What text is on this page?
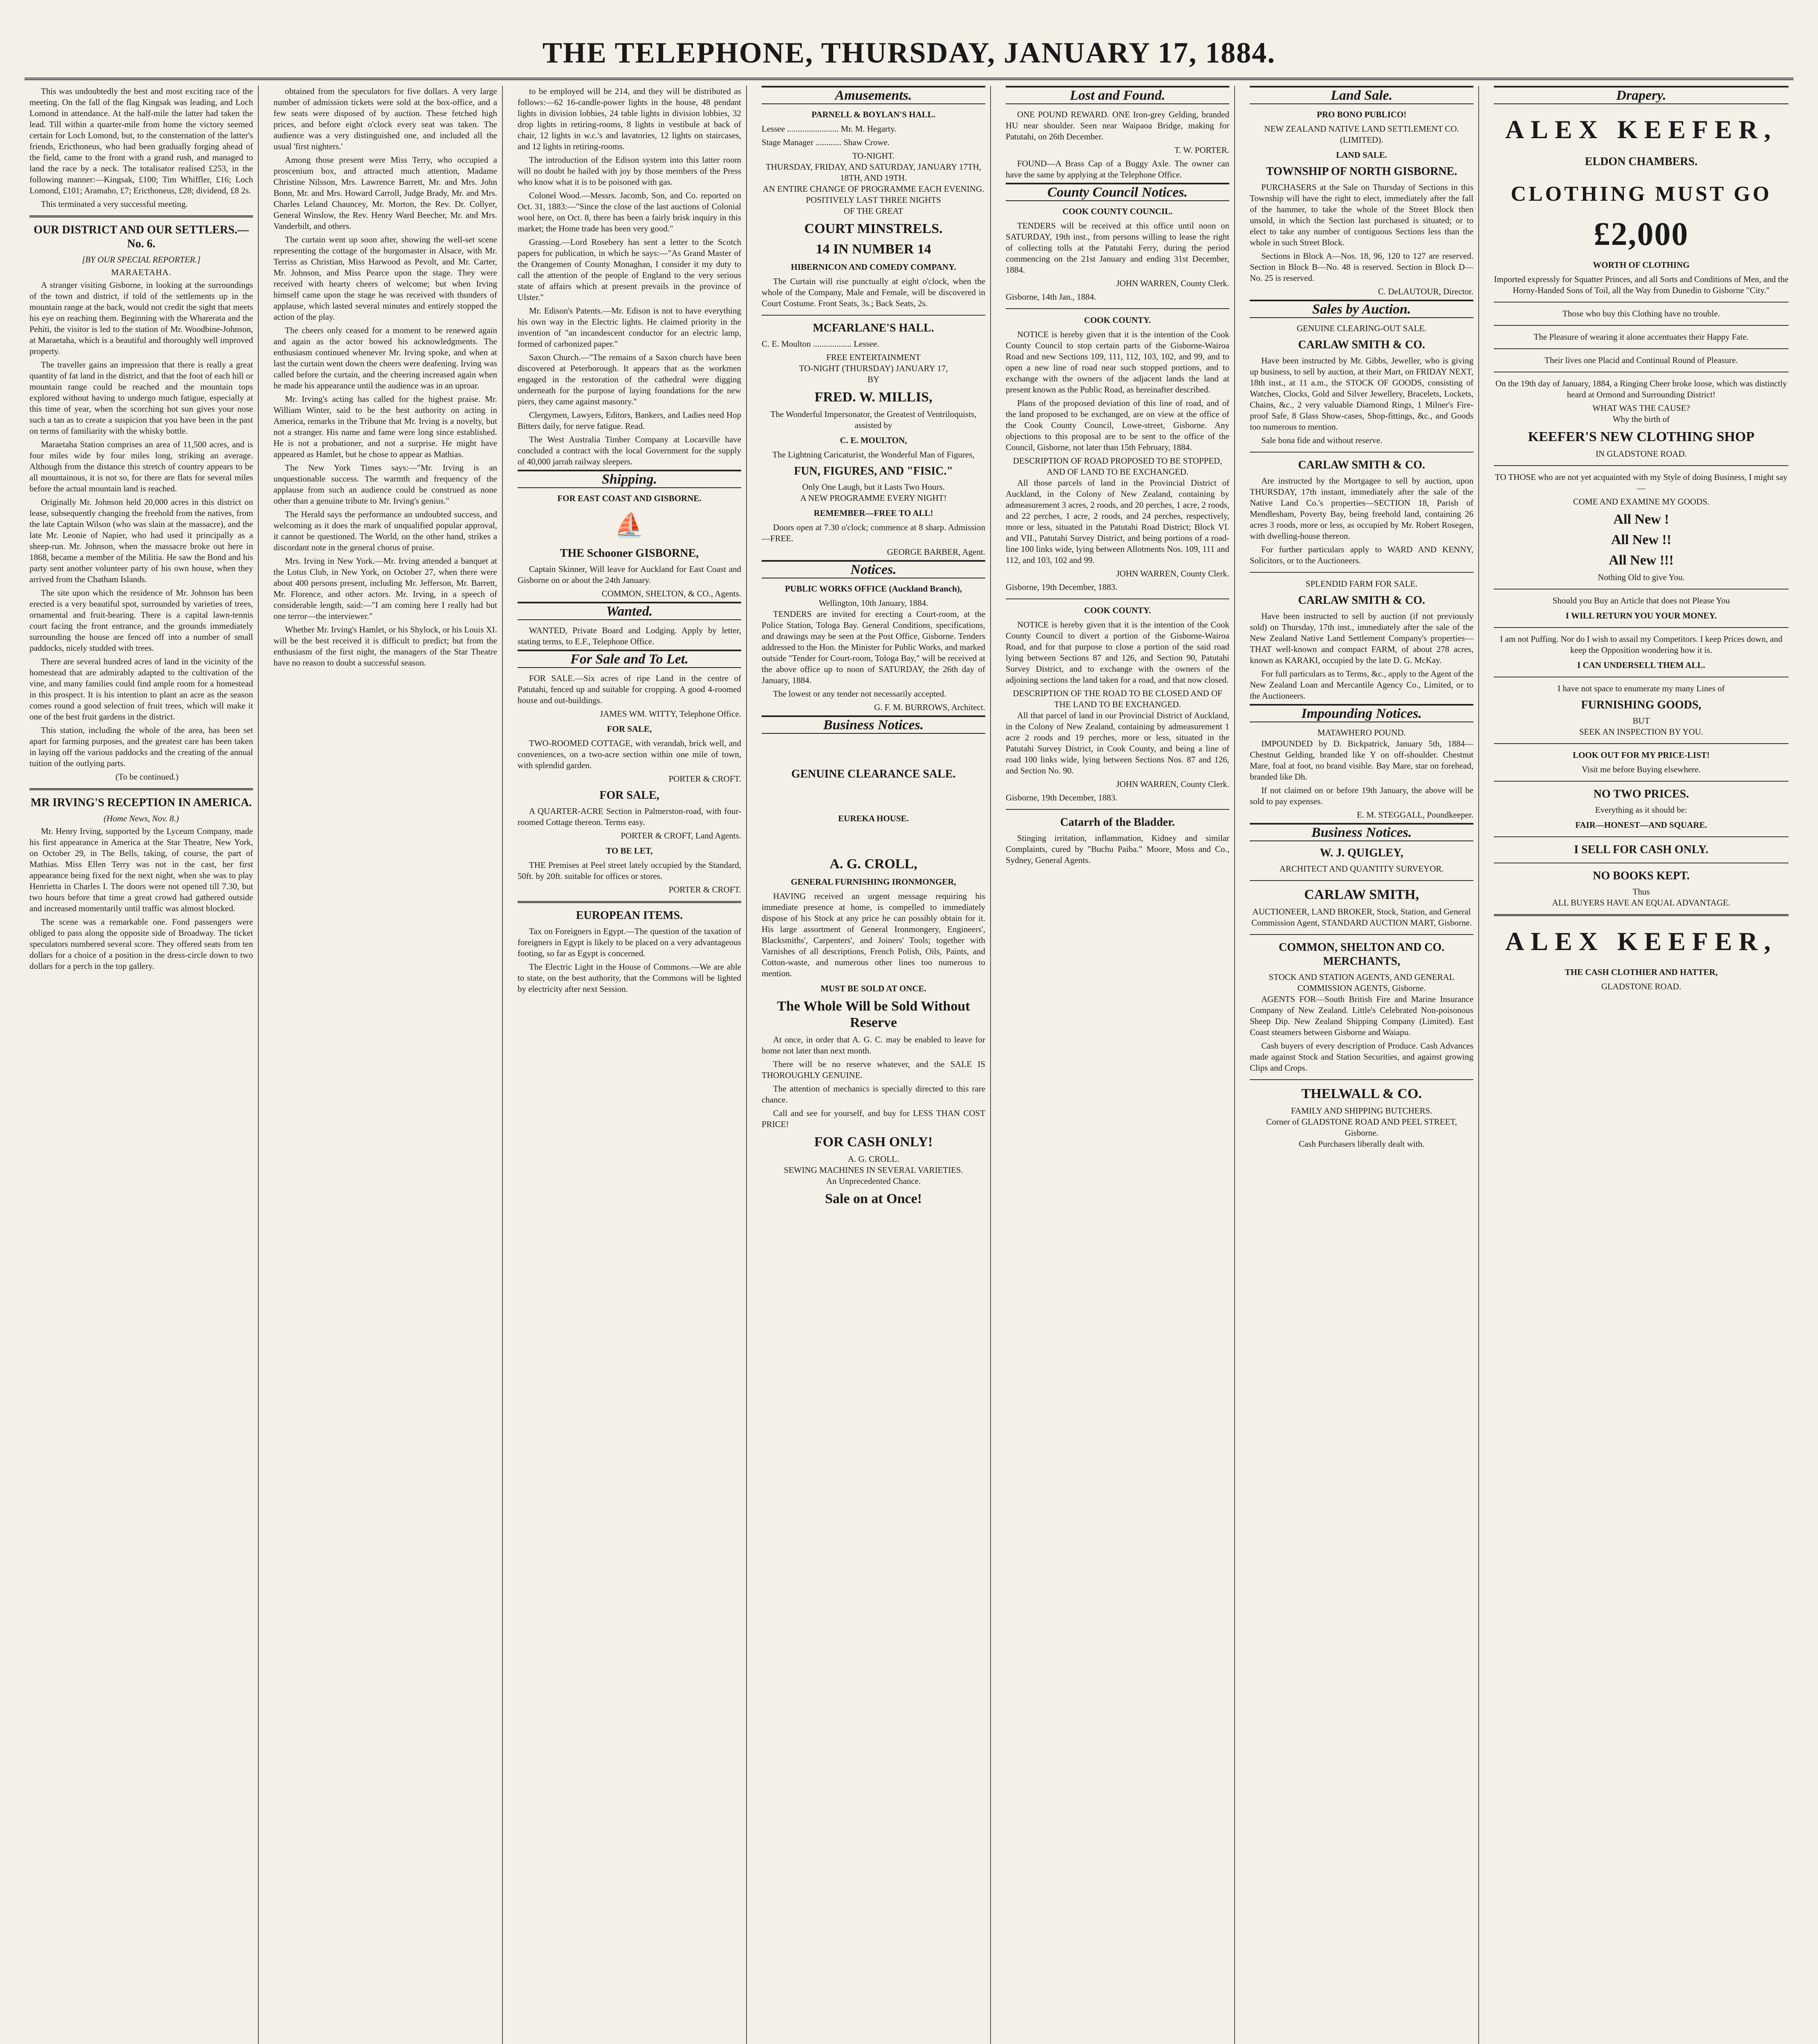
THE TELEPHONE, THURSDAY, JANUARY 17, 1884.

This was undoubtedly the best and most exciting race of the meeting. On the fall of the flag Kingsak was leading, and Loch Lomond in attendance. At the half-mile the latter had taken the lead. Till within a quarter-mile from home the victory seemed certain for Loch Lomond, but, to the consternation of the latter's friends, Ericthoneus, who had been gradually forging ahead of the field, came to the front with a grand rush, and managed to land the race by a neck. The totalisator realised £253, in the following manner:—Kingsak, £100; Tim Whiffler, £16; Loch Lomond, £101; Aramaho, £7; Ericthoneus, £28; dividend, £8 2s.

This terminated a very successful meeting.

OUR DISTRICT AND OUR SETTLERS.—No. 6.
[BY OUR SPECIAL REPORTER.]
MARAETAHA.

A stranger visiting Gisborne, in looking at the surroundings of the town and district, if told of the settlements up in the mountain range at the back, would not credit the sight that meets his eye on reaching them. Beginning with the Wharerata and the Pehiti, the visitor is led to the station of Mr. Woodbine-Johnson, at Maraetaha, which is a beautiful and thoroughly well improved property.

The traveller gains an impression that there is really a great quantity of fat land in the district, and that the foot of each hill or mountain range could be reached and the mountain tops explored without having to undergo much fatigue, especially at this time of year, when the scorching hot sun gives your nose such a tan as to create a suspicion that you have been in the past on terms of familiarity with the whisky bottle.

Maraetaha Station comprises an area of 11,500 acres, and is four miles wide by four miles long, striking an average. Although from the distance this stretch of country appears to be all mountainous, it is not so, for there are flats for several miles before the actual mountain land is reached.

Originally Mr. Johnson held 20,000 acres in this district on lease, subsequently changing the freehold from the natives, from the late Captain Wilson (who was slain at the massacre), and the late Mr. Leonie of Napier, who had used it principally as a sheep-run. Mr. Johnson, when the massacre broke out here in 1868, became a member of the Militia. He saw the Bond and his party sent another volunteer party of his own house, when they arrived from the Chatham Islands.

The site upon which the residence of Mr. Johnson has been erected is a very beautiful spot, surrounded by varieties of trees, ornamental and fruit-bearing. There is a capital lawn-tennis court facing the front entrance, and the grounds immediately surrounding the house are fenced off into a number of small paddocks, nicely studded with trees.

There are several hundred acres of land in the vicinity of the homestead that are admirably adapted to the cultivation of the vine, and many families could find ample room for a homestead in this prospect. It is his intention to plant an acre as the season comes round a good selection of fruit trees, which will make it one of the best fruit gardens in the district.

This station, including the whole of the area, has been set apart for farming purposes, and the greatest care has been taken in laying off the various paddocks and the creating of the annual tuition of the outlying parts.

(To be continued.)

MR IRVING'S RECEPTION IN AMERICA.
(Home News, Nov. 8.)

Mr. Henry Irving, supported by the Lyceum Company, made his first appearance in America at the Star Theatre, New York, on October 29, in The Bells, taking, of course, the part of Mathias. Miss Ellen Terry was not in the cast, her first appearance being fixed for the next night, when she was to play Henrietta in Charles I. The doors were not opened till 7.30, but two hours before that time a great crowd had gathered outside and increased momentarily until traffic was almost blocked.

The scene was a remarkable one. Fond passengers were obliged to pass along the opposite side of Broadway. The ticket speculators numbered several score. They offered seats from ten dollars for a choice of a position in the dress-circle down to two dollars for a perch in the top gallery.

obtained from the speculators for five dollars. A very large number of admission tickets were sold at the box-office, and a few seats were disposed of by auction. These fetched high prices, and before eight o'clock every seat was taken. The audience was a very distinguished one, and included all the usual 'first nighters.'

Among those present were Miss Terry, who occupied a proscenium box, and attracted much attention, Madame Christine Nilsson, Mrs. Lawrence Barrett, Mr. and Mrs. John Bonn, Mr. and Mrs. Howard Carroll, Judge Brady, Mr. and Mrs. Charles Leland Chauncey, Mr. Morton, the Rev. Dr. Collyer, General Winslow, the Rev. Henry Ward Beecher, Mr. and Mrs. Vanderbilt, and others.

The curtain went up soon after, showing the well-set scene representing the cottage of the burgomaster in Alsace, with Mr. Terriss as Christian, Miss Harwood as Pevolt, and Mr. Carter, Mr. Johnson, and Miss Pearce upon the stage. They were received with hearty cheers of welcome; but when Irving himself came upon the stage he was received with thunders of applause, which lasted several minutes and entirely stopped the action of the play.

The cheers only ceased for a moment to be renewed again and again as the actor bowed his acknowledgments. The enthusiasm continued whenever Mr. Irving spoke, and when at last the curtain went down the cheers were deafening. Irving was called before the curtain, and the cheering increased again when he made his appearance until the audience was in an uproar.

Mr. Irving's acting has called for the highest praise. Mr. William Winter, said to be the best authority on acting in America, remarks in the Tribune that Mr. Irving is a novelty, but not a stranger. His name and fame were long since established. He is not a probationer, and not a surprise. He might have appeared as Hamlet, but he chose to appear as Mathias.

The New York Times says:—"Mr. Irving is an unquestionable success. The warmth and frequency of the applause from such an audience could be construed as none other than a genuine tribute to Mr. Irving's genius."

The Herald says the performance an undoubted success, and welcoming as it does the mark of unqualified popular approval, it cannot be questioned. The World, on the other hand, strikes a discordant note in the general chorus of praise.

Mrs. Irving in New York.—Mr. Irving attended a banquet at the Lotus Club, in New York, on October 27, when there were about 400 persons present, including Mr. Jefferson, Mr. Barrett, Mr. Florence, and other actors. Mr. Irving, in a speech of considerable length, said:—"I am coming here I really had but one terror—the interviewer."

Whether Mr. Irving's Hamlet, or his Shylock, or his Louis XI. will be the best received it is difficult to predict; but from the enthusiasm of the first night, the managers of the Star Theatre have no reason to doubt a successful season.

to be employed will be 214, and they will be distributed as follows:—62 16-candle-power lights in the house, 48 pendant lights in division lobbies, 24 table lights in division lobbies, 32 drop lights in retiring-rooms, 8 lights in vestibule at back of chair, 12 lights in w.c.'s and lavatories, 12 lights on staircases, and 12 lights in retiring-rooms.

The introduction of the Edison system into this latter room will no doubt be hailed with joy by those members of the Press who know what it is to be poisoned with gas.

Colonel Wood.—Messrs. Jacomb, Son, and Co. reported on Oct. 31, 1883:—"Since the close of the last auctions of Colonial wool here, on Oct. 8, there has been a fairly brisk inquiry in this market; the Home trade has been very good."

Grassing.—Lord Rosebery has sent a letter to the Scotch papers for publication, in which he says:—"As Grand Master of the Orangemen of County Monaghan, I consider it my duty to call the attention of the people of England to the very serious state of affairs which at present prevails in the province of Ulster."

Mr. Edison's Patents.—Mr. Edison is not to have everything his own way in the Electric lights. He claimed priority in the invention of "an incandescent conductor for an electric lamp, formed of carbonized paper."

Saxon Church.—"The remains of a Saxon church have been discovered at Peterborough. It appears that as the workmen engaged in the restoration of the cathedral were digging underneath for the purpose of laying foundations for the new piers, they came against masonry."

Clergymen, Lawyers, Editors, Bankers, and Ladies need Hop Bitters daily, for nerve fatigue. Read.

The West Australia Timber Company at Locarville have concluded a contract with the local Government for the supply of 40,000 jarrah railway sleepers.

Shipping.
FOR EAST COAST AND GISBORNE.
⛵
THE Schooner GISBORNE,

Captain Skinner, Will leave for Auckland for East Coast and Gisborne on or about the 24th January.

COMMON, SHELTON, & CO., Agents.

Wanted.

WANTED, Private Board and Lodging. Apply by letter, stating terms, to E.F., Telephone Office.

For Sale and To Let.

FOR SALE.—Six acres of ripe Land in the centre of Patutahi, fenced up and suitable for cropping. A good 4-roomed house and out-buildings.

JAMES WM. WITTY, Telephone Office.

FOR SALE,

TWO-ROOMED COTTAGE, with verandah, brick well, and conveniences, on a two-acre section within one mile of town, with splendid garden.

PORTER & CROFT.

FOR SALE,

A QUARTER-ACRE Section in Palmerston-road, with four-roomed Cottage thereon. Terms easy.

PORTER & CROFT, Land Agents.

TO BE LET,

THE Premises at Peel street lately occupied by the Standard, 50ft. by 20ft. suitable for offices or stores.

PORTER & CROFT.

EUROPEAN ITEMS.

Tax on Foreigners in Egypt.—The question of the taxation of foreigners in Egypt is likely to be placed on a very advantageous footing, so far as Egypt is concerned.

The Electric Light in the House of Commons.—We are able to state, on the best authority, that the Commons will be lighted by electricity after next Session.

Amusements.
PARNELL & BOYLAN'S HALL.

Lessee ........................ Mr. M. Hegarty.

Stage Manager ............ Shaw Crowe.

TO-NIGHT.
THURSDAY, FRIDAY, AND SATURDAY, JANUARY 17TH, 18TH, AND 19TH.
AN ENTIRE CHANGE OF PROGRAMME EACH EVENING.
POSITIVELY LAST THREE NIGHTS
OF THE GREAT
COURT MINSTRELS.
14 IN NUMBER 14
HIBERNICON AND COMEDY COMPANY.

The Curtain will rise punctually at eight o'clock, when the whole of the Company, Male and Female, will be discovered in Court Costume. Front Seats, 3s.; Back Seats, 2s.

MCFARLANE'S HALL.

C. E. Moulton .................. Lessee.

FREE ENTERTAINMENT
TO-NIGHT (THURSDAY) JANUARY 17,
BY
FRED. W. MILLIS,
The Wonderful Impersonator, the Greatest of Ventriloquists, assisted by
C. E. MOULTON,
The Lightning Caricaturist, the Wonderful Man of Figures,
FUN, FIGURES, AND "FISIC."
Only One Laugh, but it Lasts Two Hours.
A NEW PROGRAMME EVERY NIGHT!
REMEMBER—FREE TO ALL!

Doors open at 7.30 o'clock; commence at 8 sharp. Admission—FREE.

GEORGE BARBER, Agent.

Notices.
PUBLIC WORKS OFFICE (Auckland Branch),
Wellington, 10th January, 1884.

TENDERS are invited for erecting a Court-room, at the Police Station, Tologa Bay. General Conditions, specifications, and drawings may be seen at the Post Office, Gisborne. Tenders addressed to the Hon. the Minister for Public Works, and marked outside "Tender for Court-room, Tologa Bay," will be received at the above office up to noon of SATURDAY, the 26th day of January, 1884.

The lowest or any tender not necessarily accepted.

G. F. M. BURROWS, Architect.

Business Notices.
GENUINE CLEARANCE SALE.
EUREKA HOUSE.
A. G. CROLL,
GENERAL FURNISHING IRONMONGER,

HAVING received an urgent message requiring his immediate presence at home, is compelled to immediately dispose of his Stock at any price he can possibly obtain for it. His large assortment of General Ironmongery, Engineers', Blacksmiths', Carpenters', and Joiners' Tools; together with Varnishes of all descriptions, French Polish, Oils, Paints, and Cotton-waste, and numerous other lines too numerous to mention.

MUST BE SOLD AT ONCE.
The Whole Will be Sold Without Reserve

At once, in order that A. G. C. may be enabled to leave for home not later than next month.

There will be no reserve whatever, and the SALE IS THOROUGHLY GENUINE.

The attention of mechanics is specially directed to this rare chance.

Call and see for yourself, and buy for LESS THAN COST PRICE!

FOR CASH ONLY!
A. G. CROLL.
SEWING MACHINES IN SEVERAL VARIETIES.
An Unprecedented Chance.
Sale on at Once!
Lost and Found.

ONE POUND REWARD. ONE Iron-grey Gelding, branded HU near shoulder. Seen near Waipaoa Bridge, making for Patutahi, on 26th December.

T. W. PORTER.

FOUND—A Brass Cap of a Buggy Axle. The owner can have the same by applying at the Telephone Office.

County Council Notices.
COOK COUNTY COUNCIL.

TENDERS will be received at this office until noon on SATURDAY, 19th inst., from persons willing to lease the right of collecting tolls at the Patutahi Ferry, during the period commencing on the 21st January and ending 31st December, 1884.

JOHN WARREN, County Clerk.

Gisborne, 14th Jan., 1884.

COOK COUNTY.

NOTICE is hereby given that it is the intention of the Cook County Council to stop certain parts of the Gisborne-Wairoa Road and new Sections 109, 111, 112, 103, 102, and 99, and to open a new line of road near such stopped portions, and to exchange with the owners of the adjacent lands the land at present known as the Public Road, as hereinafter described.

Plans of the proposed deviation of this line of road, and of the land proposed to be exchanged, are on view at the office of the Cook County Council, Lowe-street, Gisborne. Any objections to this proposal are to be sent to the office of the Council, Gisborne, not later than 15th February, 1884.

DESCRIPTION OF ROAD PROPOSED TO BE STOPPED, AND OF LAND TO BE EXCHANGED.

All those parcels of land in the Provincial District of Auckland, in the Colony of New Zealand, containing by admeasurement 3 acres, 2 roods, and 20 perches, 1 acre, 2 roods, and 22 perches, 1 acre, 2 roods, and 24 perches, respectively, more or less, situated in the Patutahi Road District; Block VI. and VII., Patutahi Survey District, and being portions of a road-line 100 links wide, lying between Allotments Nos. 109, 111 and 112, and 103, 102 and 99.

JOHN WARREN, County Clerk.

Gisborne, 19th December, 1883.

COOK COUNTY.

NOTICE is hereby given that it is the intention of the Cook County Council to divert a portion of the Gisborne-Wairoa Road, and for that purpose to close a portion of the said road lying between Sections 87 and 126, and Section 90, Patutahi Survey District, and to exchange with the owners of the adjoining sections the land taken for a road, and that now closed.

DESCRIPTION OF THE ROAD TO BE CLOSED AND OF THE LAND TO BE EXCHANGED.

All that parcel of land in our Provincial District of Auckland, in the Colony of New Zealand, containing by admeasurement 1 acre 2 roods and 19 perches, more or less, situated in the Patutahi Survey District, in Cook County, and being a line of road 100 links wide, lying between Sections Nos. 87 and 126, and Section No. 90.

JOHN WARREN, County Clerk.

Gisborne, 19th December, 1883.

Catarrh of the Bladder.

Stinging irritation, inflammation, Kidney and similar Complaints, cured by "Buchu Paiba." Moore, Moss and Co., Sydney, General Agents.

Land Sale.
PRO BONO PUBLICO!
NEW ZEALAND NATIVE LAND SETTLEMENT CO. (LIMITED).
LAND SALE.
TOWNSHIP OF NORTH GISBORNE.

PURCHASERS at the Sale on Thursday of Sections in this Township will have the right to elect, immediately after the fall of the hammer, to take the whole of the Street Block then unsold, in which the Section last purchased is situated; or to elect to take any number of contiguous Sections less than the whole in such Street Block.

Sections in Block A—Nos. 18, 96, 120 to 127 are reserved. Section in Block B—No. 48 is reserved. Section in Block D—No. 25 is reserved.

C. DeLAUTOUR, Director.

Sales by Auction.
GENUINE CLEARING-OUT SALE.
CARLAW SMITH & CO.

Have been instructed by Mr. Gibbs, Jeweller, who is giving up business, to sell by auction, at their Mart, on FRIDAY NEXT, 18th inst., at 11 a.m., the STOCK OF GOODS, consisting of Watches, Clocks, Gold and Silver Jewellery, Bracelets, Lockets, Chains, &c., 2 very valuable Diamond Rings, 1 Milner's Fire-proof Safe, 8 Glass Show-cases, Shop-fittings, &c., and Goods too numerous to mention.

Sale bona fide and without reserve.

CARLAW SMITH & CO.

Are instructed by the Mortgagee to sell by auction, upon THURSDAY, 17th instant, immediately after the sale of the Native Land Co.'s properties—SECTION 18, Parish of Mendlesham, Poverty Bay, being freehold land, containing 26 acres 3 roods, more or less, as occupied by Mr. Robert Rosegen, with dwelling-house thereon.

For further particulars apply to WARD AND KENNY, Solicitors, or to the Auctioneers.

SPLENDID FARM FOR SALE.
CARLAW SMITH & CO.

Have been instructed to sell by auction (if not previously sold) on Thursday, 17th inst., immediately after the sale of the New Zealand Native Land Settlement Company's properties—THAT well-known and compact FARM, of about 278 acres, known as KARAKI, occupied by the late D. G. McKay.

For full particulars as to Terms, &c., apply to the Agent of the New Zealand Loan and Mercantile Agency Co., Limited, or to the Auctioneers.

Impounding Notices.
MATAWHERO POUND.

IMPOUNDED by D. Bickpatrick, January 5th, 1884—Chestnut Gelding, branded like Y on off-shoulder. Chestnut Mare, foal at foot, no brand visible. Bay Mare, star on forehead, branded like Dh.

If not claimed on or before 19th January, the above will be sold to pay expenses.

E. M. STEGGALL, Poundkeeper.

Business Notices.
W. J. QUIGLEY,
ARCHITECT AND QUANTITY SURVEYOR.
CARLAW SMITH,
AUCTIONEER, LAND BROKER, Stock, Station, and General Commission Agent, STANDARD AUCTION MART, Gisborne.
COMMON, SHELTON AND CO. MERCHANTS,
STOCK AND STATION AGENTS, AND GENERAL COMMISSION AGENTS, Gisborne.

AGENTS FOR—South British Fire and Marine Insurance Company of New Zealand. Little's Celebrated Non-poisonous Sheep Dip. New Zealand Shipping Company (Limited). East Coast steamers between Gisborne and Waiapu.

Cash buyers of every description of Produce. Cash Advances made against Stock and Station Securities, and against growing Clips and Crops.

THELWALL & CO.
FAMILY AND SHIPPING BUTCHERS.
Corner of GLADSTONE ROAD AND PEEL STREET, Gisborne.
Cash Purchasers liberally dealt with.
Drapery.
ALEX KEEFER,
ELDON CHAMBERS.
CLOTHING MUST GO
£2,000
WORTH OF CLOTHING

Imported expressly for Squatter Princes, and all Sorts and Conditions of Men, and the Horny-Handed Sons of Toil, all the Way from Dunedin to Gisborne "City."

Those who buy this Clothing have no trouble.

The Pleasure of wearing it alone accentuates their Happy Fate.

Their lives one Placid and Continual Round of Pleasure.

On the 19th day of January, 1884, a Ringing Cheer broke loose, which was distinctly heard at Ormond and Surrounding District!

WHAT WAS THE CAUSE?
Why the birth of
KEEFER'S NEW CLOTHING SHOP
IN GLADSTONE ROAD.

TO THOSE who are not yet acquainted with my Style of doing Business, I might say—

COME AND EXAMINE MY GOODS.
All New !
All New !!
All New !!!
Nothing Old to give You.

Should you Buy an Article that does not Please You

I WILL RETURN YOU YOUR MONEY.

I am not Puffing. Nor do I wish to assail my Competitors. I keep Prices down, and keep the Opposition wondering how it is.

I CAN UNDERSELL THEM ALL.

I have not space to enumerate my many Lines of

FURNISHING GOODS,
BUT
SEEK AN INSPECTION BY YOU.
LOOK OUT FOR MY PRICE-LIST!
Visit me before Buying elsewhere.
NO TWO PRICES.
Everything as it should be:
FAIR—HONEST—AND SQUARE.
I SELL FOR CASH ONLY.
NO BOOKS KEPT.
Thus
ALL BUYERS HAVE AN EQUAL ADVANTAGE.
ALEX KEEFER,
THE CASH CLOTHIER AND HATTER,
GLADSTONE ROAD.
